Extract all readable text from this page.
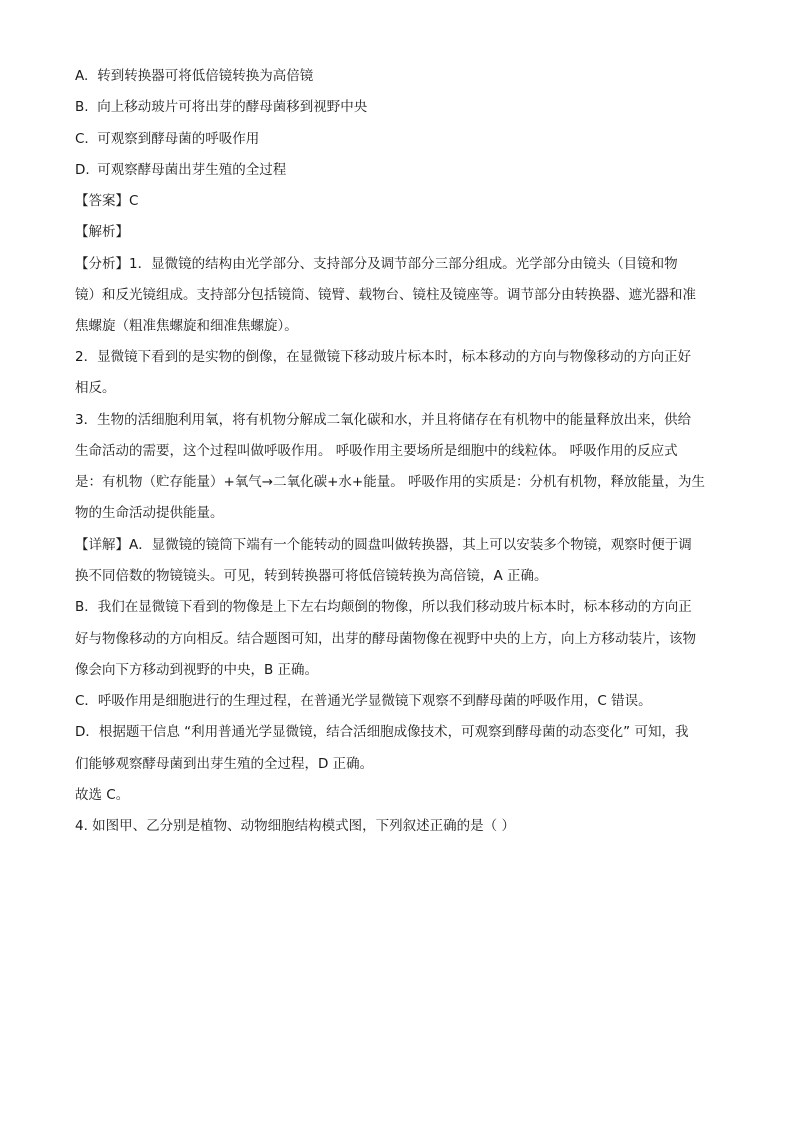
A. 转到转换器可将低倍镜转换为高倍镜
B. 向上移动玻片可将出芽的酵母菌移到视野中央
C. 可观察到酵母菌的呼吸作用
D. 可观察酵母菌出芽生殖的全过程
【答案】C
【解析】
【分析】1．显微镜的结构由光学部分、支持部分及调节部分三部分组成。光学部分由镜头（目镜和物
镜）和反光镜组成。支持部分包括镜筒、镜臂、载物台、镜柱及镜座等。调节部分由转换器、遮光器和准
焦螺旋（粗准焦螺旋和细准焦螺旋）。
2．显微镜下看到的是实物的倒像，在显微镜下移动玻片标本时，标本移动的方向与物像移动的方向正好
相反。
3．生物的活细胞利用氧，将有机物分解成二氧化碳和水，并且将储存在有机物中的能量释放出来，供给
生命活动的需要，这个过程叫做呼吸作用。 呼吸作用主要场所是细胞中的线粒体。 呼吸作用的反应式
是：有机物（贮存能量）+氧气→二氧化碳+水+能量。 呼吸作用的实质是：分机有机物，释放能量，为生
物的生命活动提供能量。
【详解】A．显微镜的镜筒下端有一个能转动的圆盘叫做转换器，其上可以安装多个物镜，观察时便于调
换不同倍数的物镜镜头。可见，转到转换器可将低倍镜转换为高倍镜，A 正确。
B．我们在显微镜下看到的物像是上下左右均颠倒的物像，所以我们移动玻片标本时，标本移动的方向正
好与物像移动的方向相反。结合题图可知，出芽的酵母菌物像在视野中央的上方，向上方移动装片，该物
像会向下方移动到视野的中央，B 正确。
C．呼吸作用是细胞进行的生理过程，在普通光学显微镜下观察不到酵母菌的呼吸作用，C 错误。
D．根据题干信息 “利用普通光学显微镜，结合活细胞成像技术，可观察到酵母菌的动态变化” 可知，我
们能够观察酵母菌到出芽生殖的全过程，D 正确。
故选 C。
4. 如图甲、乙分别是植物、动物细胞结构模式图，下列叙述正确的是（ ）
